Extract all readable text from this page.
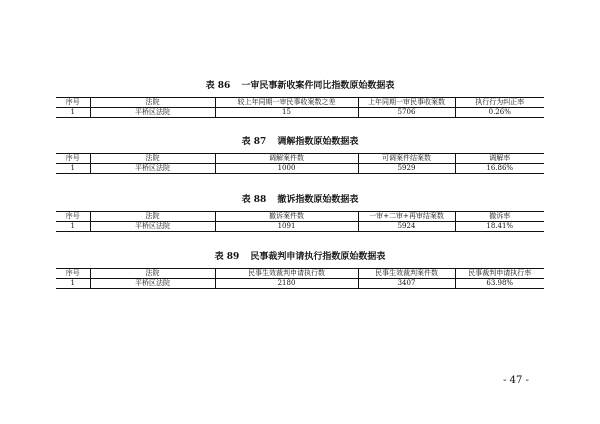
表 86 一审民事新收案件同比指数原始数据表
序号	法院	较上年同期一审民事收案数之差	上年同期一审民事收案数	执行行为纠正率
1	平桥区法院	15	5706	0.26%
表 87 调解指数原始数据表
序号	法院	调解案件数	可调案件结案数	调解率
1	平桥区法院	1000	5929	16.86%
表 88 撤诉指数原始数据表
序号	法院	撤诉案件数	一审+二审+再审结案数	撤诉率
1	平桥区法院	1091	5924	18.41%
表 89 民事裁判申请执行指数原始数据表
序号	法院	民事生效裁判申请执行数	民事生效裁判案件数	民事裁判申请执行率
1	平桥区法院	2180	3407	63.98%
- 47 -
